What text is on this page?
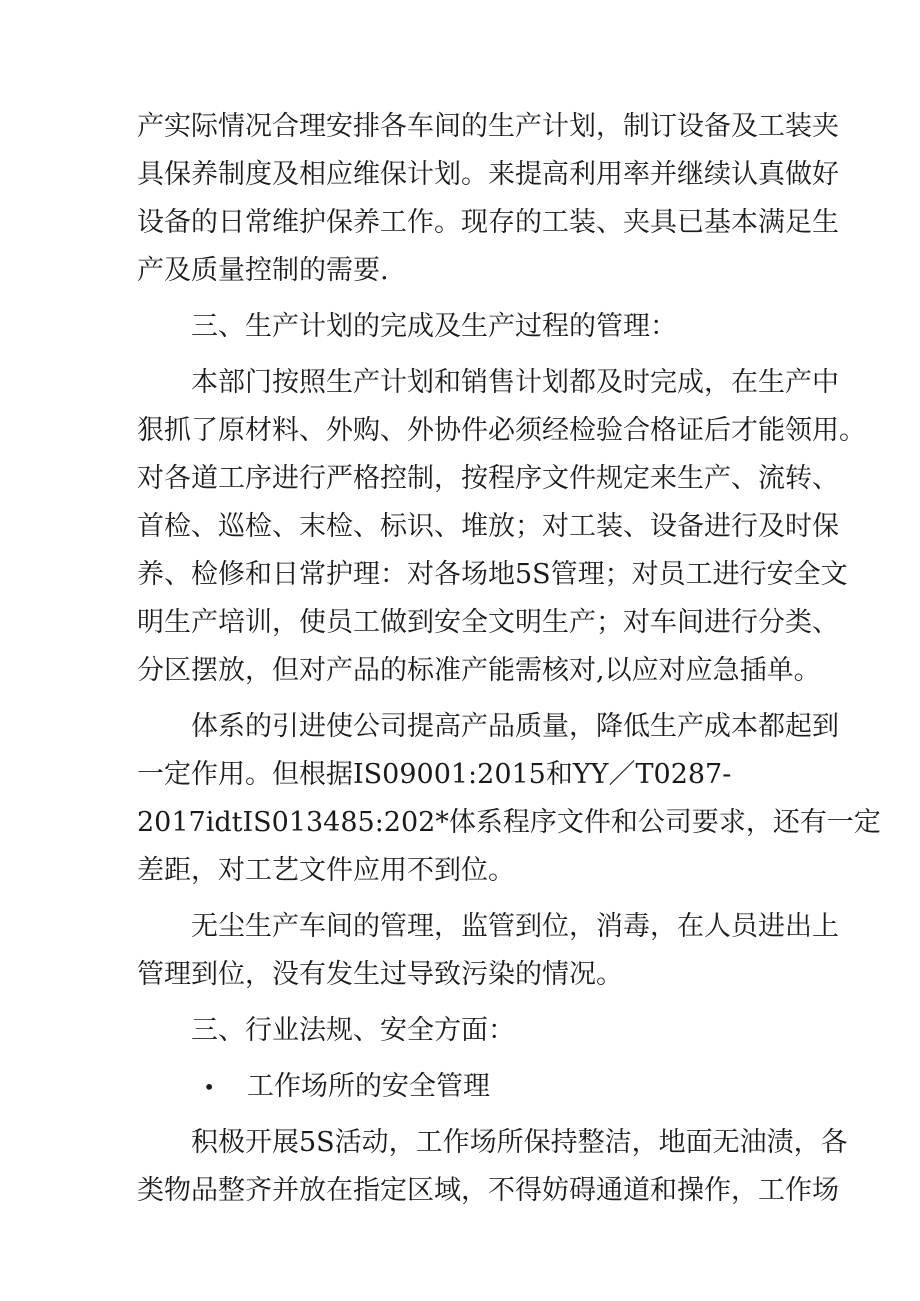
产实际情况合理安排各车间的生产计划，制订设备及工装夹
具保养制度及相应维保计划。来提高利用率并继续认真做好
设备的日常维护保养工作。现存的工装、夹具已基本满足生
产及质量控制的需要.
三、生产计划的完成及生产过程的管理：
本部门按照生产计划和销售计划都及时完成，在生产中
狠抓了原材料、外购、外协件必须经检验合格证后才能领用。
对各道工序进行严格控制，按程序文件规定来生产、流转、
首检、巡检、末检、标识、堆放；对工装、设备进行及时保
养、检修和日常护理：对各场地5S管理；对员工进行安全文
明生产培训，使员工做到安全文明生产；对车间进行分类、
分区摆放，但对产品的标准产能需核对,以应对应急插单。
体系的引进使公司提高产品质量，降低生产成本都起到
一定作用。但根据IS09001:2015和YY／T0287-
2017idtIS013485:202*体系程序文件和公司要求，还有一定
差距，对工艺文件应用不到位。
无尘生产车间的管理，监管到位，消毒，在人员进出上
管理到位，没有发生过导致污染的情况。
三、行业法规、安全方面：
•	工作场所的安全管理
积极开展5S活动，工作场所保持整洁，地面无油渍，各
类物品整齐并放在指定区域，不得妨碍通道和操作，工作场
